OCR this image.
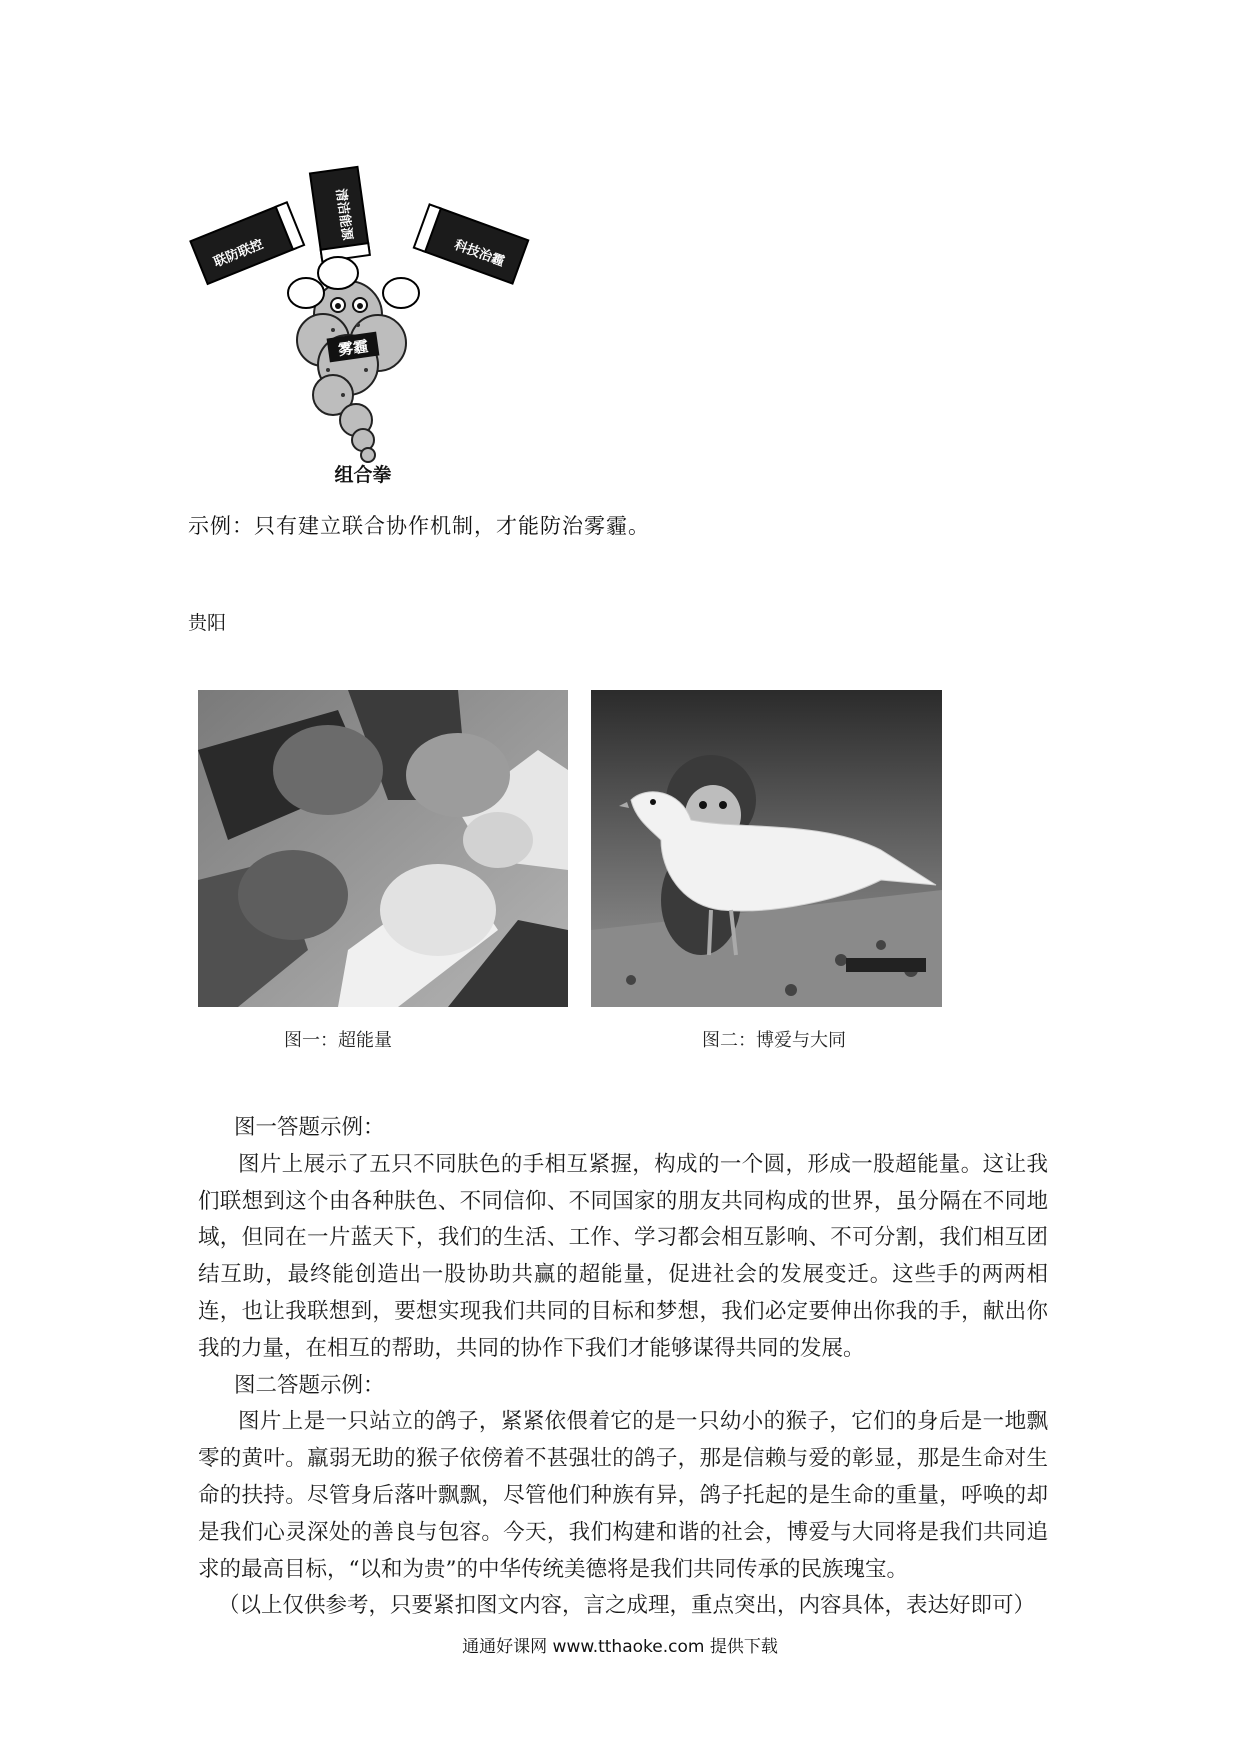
清洁能源
联防联控	科技治霾
雾霾
组合拳
示例：只有建立联合协作机制，才能防治雾霾。
贵阳
图一：超能量	图二：博爱与大同

图一答题示例：

图片上展示了五只不同肤色的手相互紧握，构成的一个圆，形成一股超能量。这让我们联想到这个由各种肤色、不同信仰、不同国家的朋友共同构成的世界，虽分隔在不同地域，但同在一片蓝天下，我们的生活、工作、学习都会相互影响、不可分割，我们相互团结互助，最终能创造出一股协助共赢的超能量，促进社会的发展变迁。这些手的两两相连，也让我联想到，要想实现我们共同的目标和梦想，我们必定要伸出你我的手，献出你我的力量，在相互的帮助，共同的协作下我们才能够谋得共同的发展。

图二答题示例：

图片上是一只站立的鸽子，紧紧依偎着它的是一只幼小的猴子，它们的身后是一地飘零的黄叶。羸弱无助的猴子依傍着不甚强壮的鸽子，那是信赖与爱的彰显，那是生命对生命的扶持。尽管身后落叶飘飘，尽管他们种族有异，鸽子托起的是生命的重量，呼唤的却是我们心灵深处的善良与包容。今天，我们构建和谐的社会，博爱与大同将是我们共同追求的最高目标，“以和为贵”的中华传统美德将是我们共同传承的民族瑰宝。

（以上仅供参考，只要紧扣图文内容，言之成理，重点突出，内容具体，表达好即可）

通通好课网 www.tthaoke.com 提供下载
